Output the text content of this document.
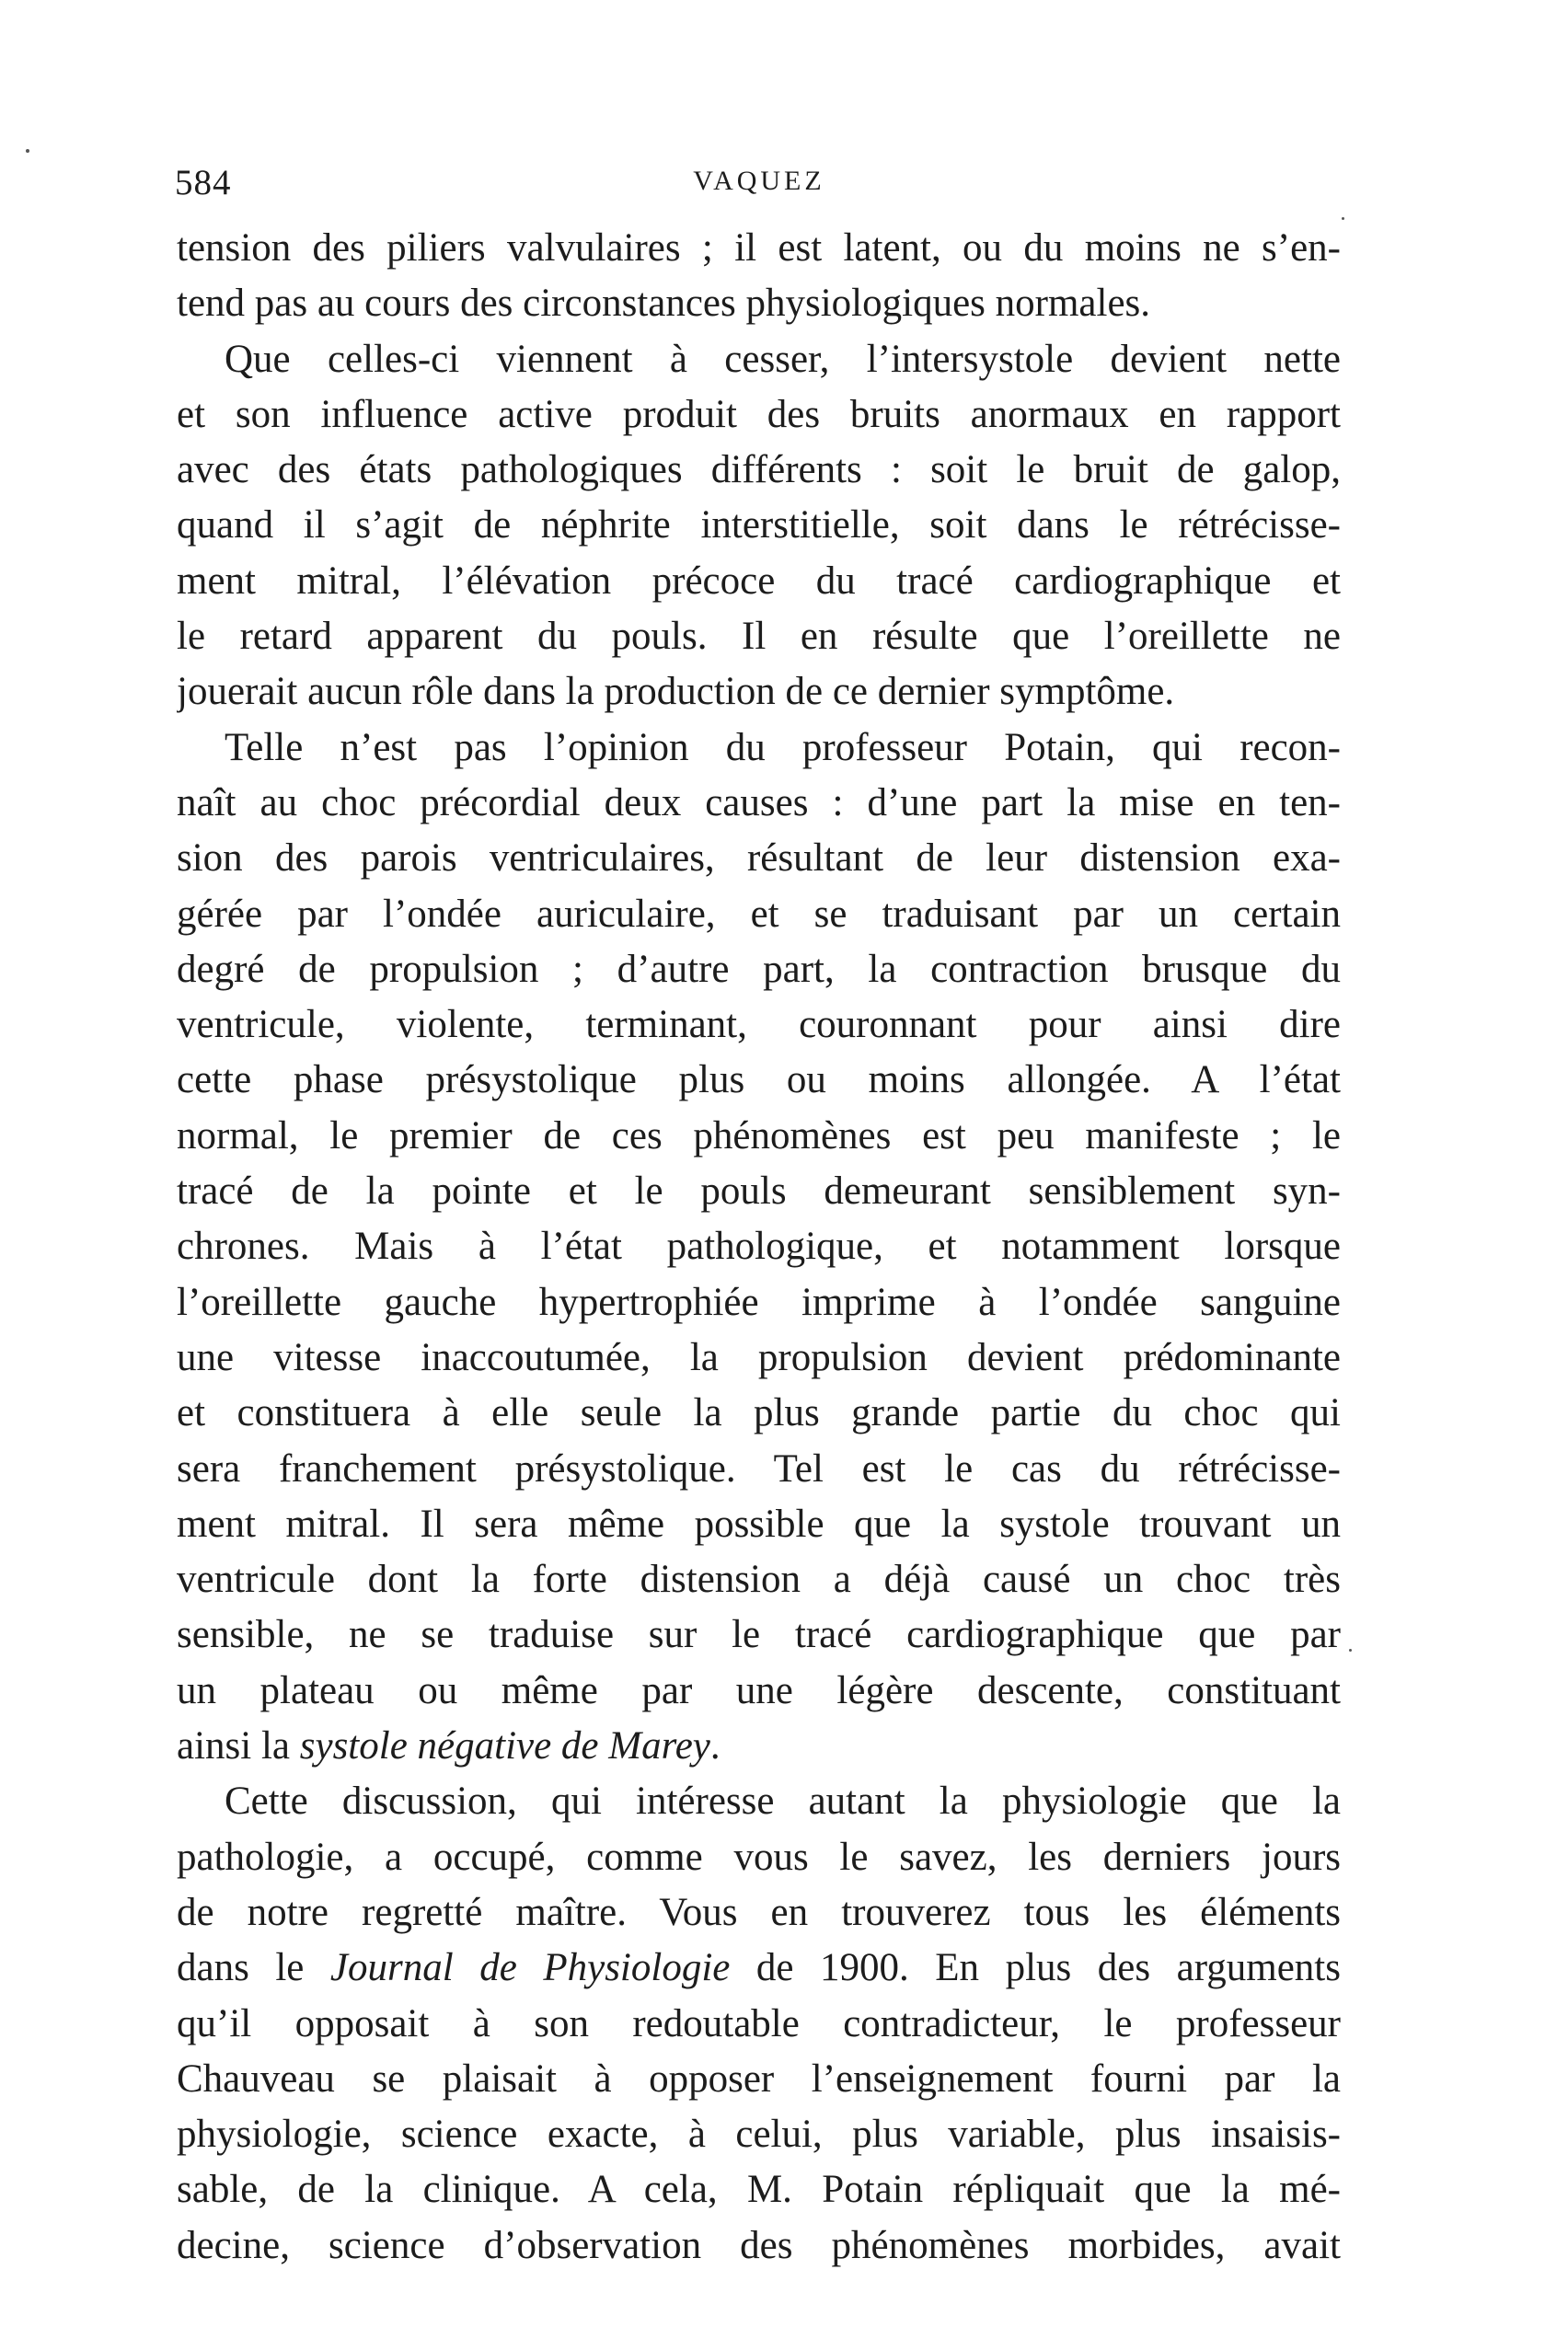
584	VAQUEZ
tension des piliers valvulaires ; il est latent, ou du moins ne s’en-
tend pas au cours des circonstances physiologiques normales.
Que celles-ci viennent à cesser, l’intersystole devient nette
et son influence active produit des bruits anormaux en rapport
avec des états pathologiques différents : soit le bruit de galop,
quand il s’agit de néphrite interstitielle, soit dans le rétrécisse-
ment mitral, l’élévation précoce du tracé cardiographique et
le retard apparent du pouls. Il en résulte que l’oreillette ne
jouerait aucun rôle dans la production de ce dernier symptôme.
Telle n’est pas l’opinion du professeur Potain, qui recon-
naît au choc précordial deux causes : d’une part la mise en ten-
sion des parois ventriculaires, résultant de leur distension exa-
gérée par l’ondée auriculaire, et se traduisant par un certain
degré de propulsion ; d’autre part, la contraction brusque du
ventricule, violente, terminant, couronnant pour ainsi dire
cette phase présystolique plus ou moins allongée. A l’état
normal, le premier de ces phénomènes est peu manifeste ; le
tracé de la pointe et le pouls demeurant sensiblement syn-
chrones. Mais à l’état pathologique, et notamment lorsque
l’oreillette gauche hypertrophiée imprime à l’ondée sanguine
une vitesse inaccoutumée, la propulsion devient prédominante
et constituera à elle seule la plus grande partie du choc qui
sera franchement présystolique. Tel est le cas du rétrécisse-
ment mitral. Il sera même possible que la systole trouvant un
ventricule dont la forte distension a déjà causé un choc très
sensible, ne se traduise sur le tracé cardiographique que par
un plateau ou même par une légère descente, constituant
ainsi la systole négative de Marey.
Cette discussion, qui intéresse autant la physiologie que la
pathologie, a occupé, comme vous le savez, les derniers jours
de notre regretté maître. Vous en trouverez tous les éléments
dans le Journal de Physiologie de 1900. En plus des arguments
qu’il opposait à son redoutable contradicteur, le professeur
Chauveau se plaisait à opposer l’enseignement fourni par la
physiologie, science exacte, à celui, plus variable, plus insaisis-
sable, de la clinique. A cela, M. Potain répliquait que la mé-
decine, science d’observation des phénomènes morbides, avait
